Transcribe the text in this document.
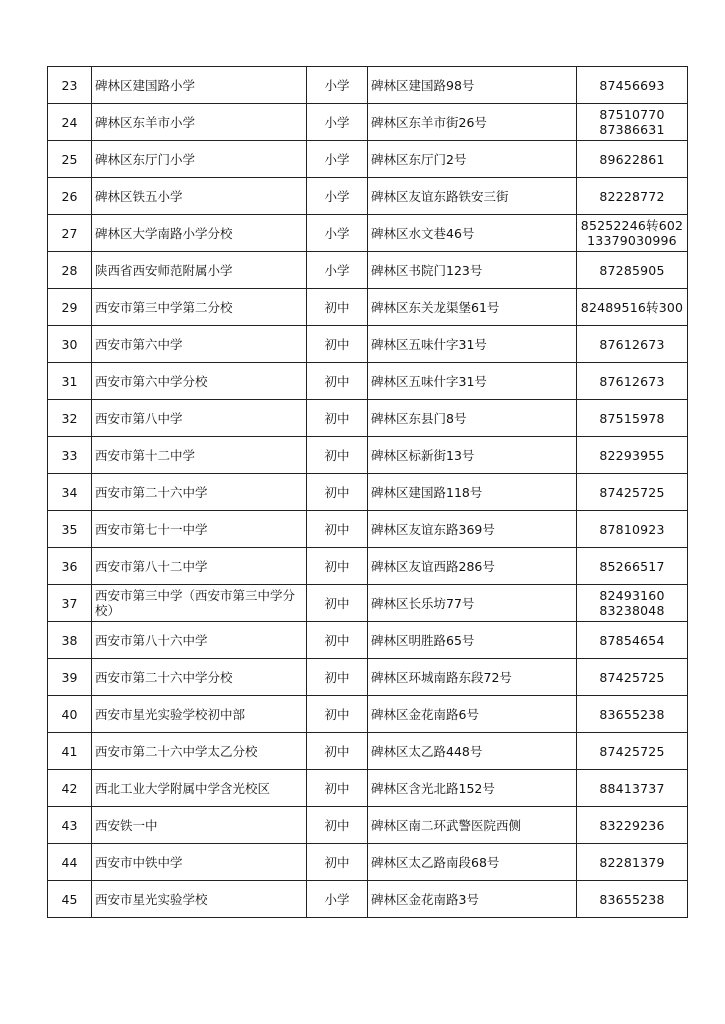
23	碑林区建国路小学	小学	碑林区建国路98号	87456693

24	碑林区东羊市小学	小学	碑林区东羊市街26号	87510770
87386631

25	碑林区东厅门小学	小学	碑林区东厅门2号	89622861

26	碑林区铁五小学	小学	碑林区友谊东路铁安三街	82228772

27	碑林区大学南路小学分校	小学	碑林区水文巷46号	85252246转602
13379030996

28	陕西省西安师范附属小学	小学	碑林区书院门123号	87285905

29	西安市第三中学第二分校	初中	碑林区东关龙渠堡61号	82489516转300

30	西安市第六中学	初中	碑林区五味什字31号	87612673

31	西安市第六中学分校	初中	碑林区五味什字31号	87612673

32	西安市第八中学	初中	碑林区东县门8号	87515978

33	西安市第十二中学	初中	碑林区标新街13号	82293955

34	西安市第二十六中学	初中	碑林区建国路118号	87425725

35	西安市第七十一中学	初中	碑林区友谊东路369号	87810923

36	西安市第八十二中学	初中	碑林区友谊西路286号	85266517

37	西安市第三中学（西安市第三中学分校）	初中	碑林区长乐坊77号	82493160
83238048

38	西安市第八十六中学	初中	碑林区明胜路65号	87854654

39	西安市第二十六中学分校	初中	碑林区环城南路东段72号	87425725

40	西安市星光实验学校初中部	初中	碑林区金花南路6号	83655238

41	西安市第二十六中学太乙分校	初中	碑林区太乙路448号	87425725

42	西北工业大学附属中学含光校区	初中	碑林区含光北路152号	88413737

43	西安铁一中	初中	碑林区南二环武警医院西侧	83229236

44	西安市中铁中学	初中	碑林区太乙路南段68号	82281379

45	西安市星光实验学校	小学	碑林区金花南路3号	83655238
